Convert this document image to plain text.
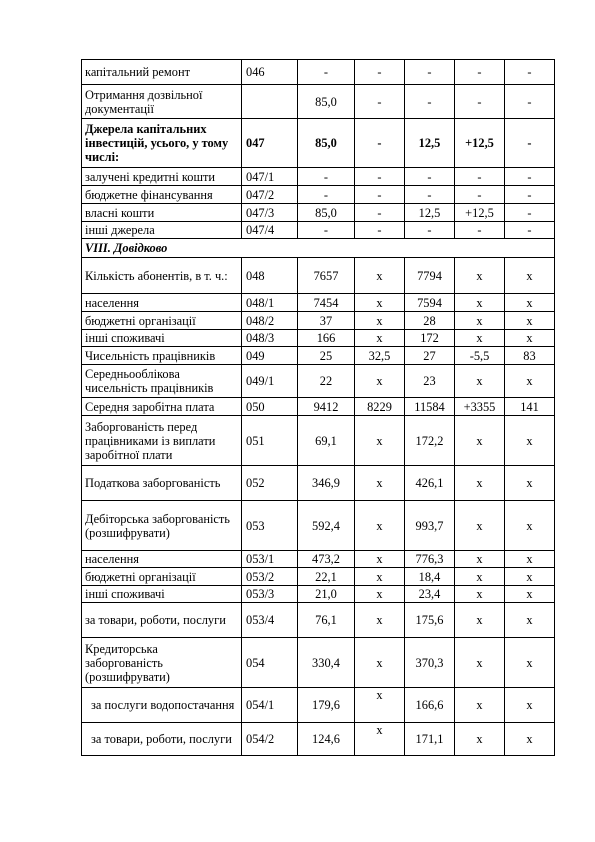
капітальний ремонт	046	-	-	-	-	-
Отримання дозвільної документації		85,0	-	-	-	-
Джерела капітальних інвестицій, усього, у тому числі:	047	85,0	-	12,5	+12,5	-
залучені кредитні кошти	047/1	-	-	-	-	-
бюджетне фінансування	047/2	-	-	-	-	-
власні кошти	047/3	85,0	-	12,5	+12,5	-
інші джерела	047/4	-	-	-	-	-
VIII. Довідково						
Кількість абонентів, в т. ч.:	048	7657	x	7794	x	x
населення	048/1	7454	x	7594	x	x
бюджетні організації	048/2	37	x	28	x	x
інші споживачі	048/3	166	x	172	x	x
Чисельність працівників	049	25	32,5	27	-5,5	83
Середньооблікова чисельність працівників	049/1	22	x	23	x	x
Середня заробітна плата	050	9412	8229	11584	+3355	141
Заборгованість перед працівниками із виплати заробітної плати	051	69,1	x	172,2	x	x
Податкова заборгованість	052	346,9	x	426,1	x	x
Дебіторська заборгованість (розшифрувати)	053	592,4	x	993,7	x	x
населення	053/1	473,2	x	776,3	x	x
бюджетні організації	053/2	22,1	x	18,4	x	x
інші споживачі	053/3	21,0	x	23,4	x	x
за товари, роботи, послуги	053/4	76,1	x	175,6	x	x
Кредиторська заборгованість (розшифрувати)	054	330,4	x	370,3	x	x
за послуги водопостачання	054/1	179,6	x	166,6	x	x
за товари, роботи, послуги	054/2	124,6	x	171,1	x	x
